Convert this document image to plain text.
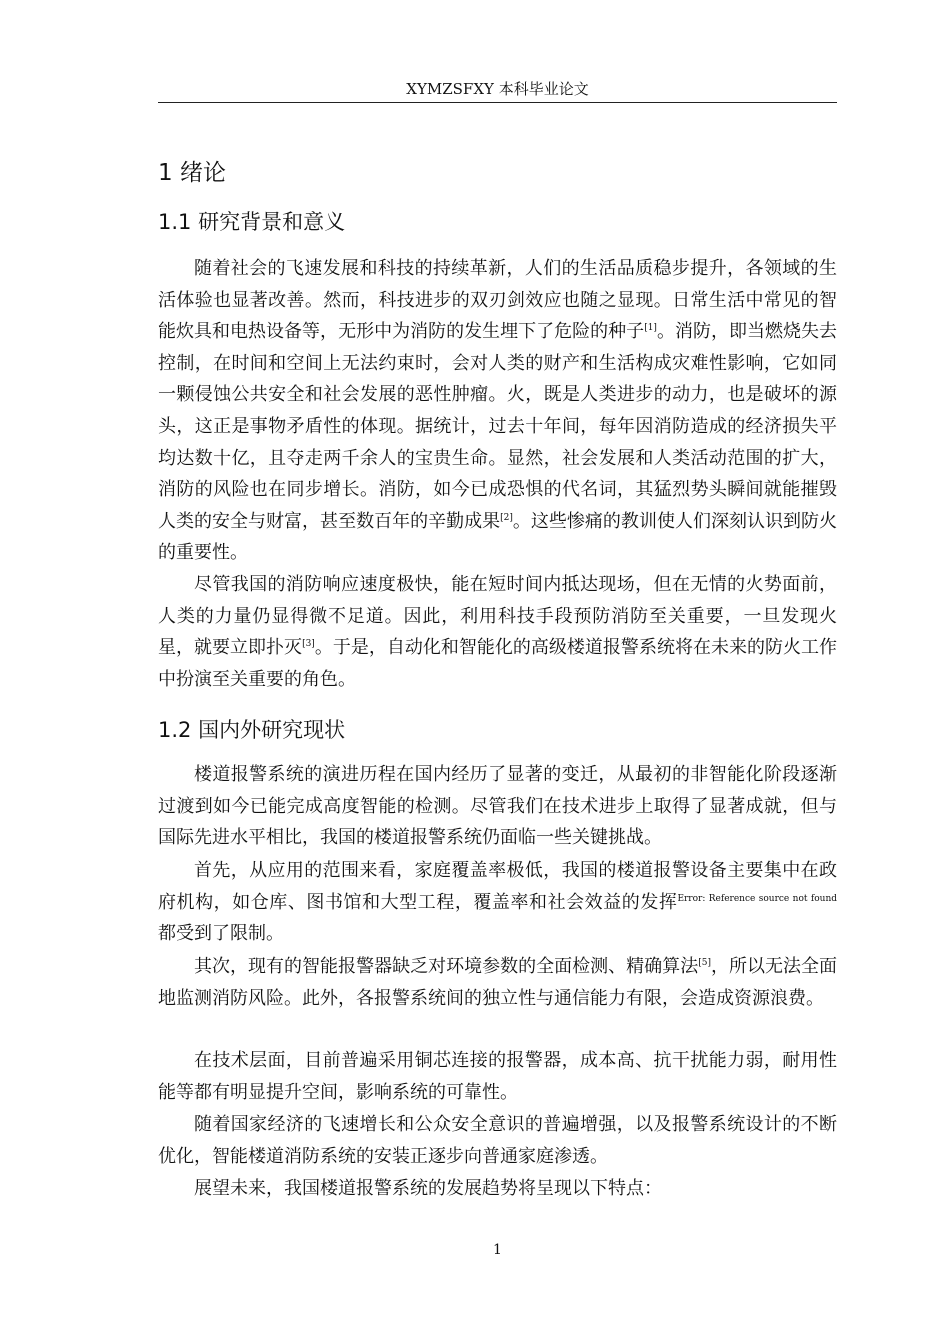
XYMZSFXY 本科毕业论文
1 绪论
1.1 研究背景和意义

随着社会的飞速发展和科技的持续革新，人们的生活品质稳步提升，各领域的生活体验也显著改善。然而，科技进步的双刃剑效应也随之显现。日常生活中常见的智能炊具和电热设备等，无形中为消防的发生埋下了危险的种子[1]。消防，即当燃烧失去控制，在时间和空间上无法约束时，会对人类的财产和生活构成灾难性影响，它如同一颗侵蚀公共安全和社会发展的恶性肿瘤。火，既是人类进步的动力，也是破坏的源头，这正是事物矛盾性的体现。据统计，过去十年间，每年因消防造成的经济损失平均达数十亿，且夺走两千余人的宝贵生命。显然，社会发展和人类活动范围的扩大，消防的风险也在同步增长。消防，如今已成恐惧的代名词，其猛烈势头瞬间就能摧毁人类的安全与财富，甚至数百年的辛勤成果[2]。这些惨痛的教训使人们深刻认识到防火的重要性。

尽管我国的消防响应速度极快，能在短时间内抵达现场，但在无情的火势面前，人类的力量仍显得微不足道。因此，利用科技手段预防消防至关重要，一旦发现火星，就要立即扑灭[3]。于是，自动化和智能化的高级楼道报警系统将在未来的防火工作中扮演至关重要的角色。

1.2 国内外研究现状

楼道报警系统的演进历程在国内经历了显著的变迁，从最初的非智能化阶段逐渐过渡到如今已能完成高度智能的检测。尽管我们在技术进步上取得了显著成就，但与国际先进水平相比，我国的楼道报警系统仍面临一些关键挑战。

首先，从应用的范围来看，家庭覆盖率极低，我国的楼道报警设备主要集中在政府机构，如仓库、图书馆和大型工程，覆盖率和社会效益的发挥$^{Error: Reference source not found}$都受到了限制。

其次，现有的智能报警器缺乏对环境参数的全面检测、精确算法[5]，所以无法全面地监测消防风险。此外，各报警系统间的独立性与通信能力有限，会造成资源浪费。

在技术层面，目前普遍采用铜芯连接的报警器，成本高、抗干扰能力弱，耐用性能等都有明显提升空间，影响系统的可靠性。

随着国家经济的飞速增长和公众安全意识的普遍增强，以及报警系统设计的不断优化，智能楼道消防系统的安装正逐步向普通家庭渗透。

展望未来，我国楼道报警系统的发展趋势将呈现以下特点：

1
